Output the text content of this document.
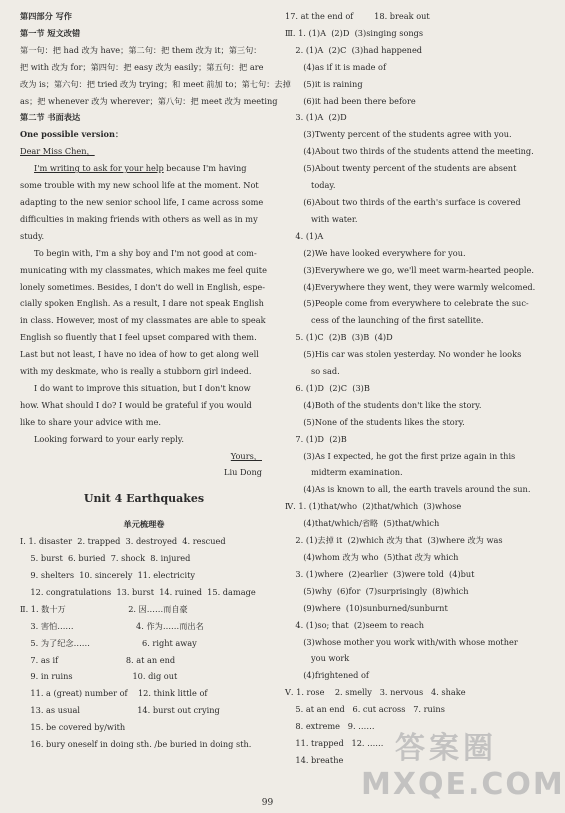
第四部分 写作
第一节 短文改错
第一句：把 had 改为 have；第二句：把 them 改为 it；第三句：
把 with 改为 for；第四句：把 easy 改为 easily；第五句：把 are
改为 is；第六句：把 tried 改为 trying；和 meet 前加 to；第七句：去掉
as；把 whenever 改为 wherever；第八句：把 meet 改为 meeting
第二节 书面表达
One possible version：
Dear Miss Chen，
I'm writing to ask for your help because I'm having
some trouble with my new school life at the moment. Not
adapting to the new senior school life, I came across some
difficulties in making friends with others as well as in my
study.
To begin with, I'm a shy boy and I'm not good at com-
municating with my classmates, which makes me feel quite
lonely sometimes. Besides, I don't do well in English, espe-
cially spoken English. As a result, I dare not speak English
in class. However, most of my classmates are able to speak
English so fluently that I feel upset compared with them.
Last but not least, I have no idea of how to get along well
with my deskmate, who is really a stubborn girl indeed.
I do want to improve this situation, but I don't know
how. What should I do? I would be grateful if you would
like to share your advice with me.
Looking forward to your early reply.
Yours，
Liu Dong
Unit 4 Earthquakes
单元梳理卷
Ⅰ. 1. disaster  2. trapped  3. destroyed  4. rescued
5. burst  6. buried  7. shock  8. injured
9. shelters  10. sincerely  11. electricity
12. congratulations  13. burst  14. ruined  15. damage
Ⅱ. 1. 数十万                        2. 因……而自豪
3. 害怕……                        4. 作为……而出名
5. 为了纪念……                    6. right away
7. as if                          8. at an end
9. in ruins                       10. dig out
11. a (great) number of    12. think little of
13. as usual                      14. burst out crying
15. be covered by/with
16. bury oneself in doing sth. /be buried in doing sth.
17. at the end of        18. break out
Ⅲ. 1. (1)A  (2)D  (3)singing songs
2. (1)A  (2)C  (3)had happened
(4)as if it is made of
(5)it is raining
(6)it had been there before
3. (1)A  (2)D
(3)Twenty percent of the students agree with you.
(4)About two thirds of the students attend the meeting.
(5)About twenty percent of the students are absent
today.
(6)About two thirds of the earth's surface is covered
with water.
4. (1)A
(2)We have looked everywhere for you.
(3)Everywhere we go, we'll meet warm-hearted people.
(4)Everywhere they went, they were warmly welcomed.
(5)People come from everywhere to celebrate the suc-
cess of the launching of the first satellite.
5. (1)C  (2)B  (3)B  (4)D
(5)His car was stolen yesterday. No wonder he looks
so sad.
6. (1)D  (2)C  (3)B
(4)Both of the students don't like the story.
(5)None of the students likes the story.
7. (1)D  (2)B
(3)As I expected, he got the first prize again in this
midterm examination.
(4)As is known to all, the earth travels around the sun.
Ⅳ. 1. (1)that/who  (2)that/which  (3)whose
(4)that/which/省略  (5)that/which
2. (1)去掉 it  (2)which 改为 that  (3)where 改为 was
(4)whom 改为 who  (5)that 改为 which
3. (1)where  (2)earlier  (3)were told  (4)but
(5)why  (6)for  (7)surprisingly  (8)which
(9)where  (10)sunburned/sunburnt
4. (1)so; that  (2)seem to reach
(3)whose mother you work with/with whose mother
you work
(4)frightened of
Ⅴ. 1. rose    2. smelly   3. nervous   4. shake
5. at an end   6. cut across   7. ruins
8. extreme   9. ……
11. trapped   12. ……
14. breathe
99
答案圈
MXQE.COM
